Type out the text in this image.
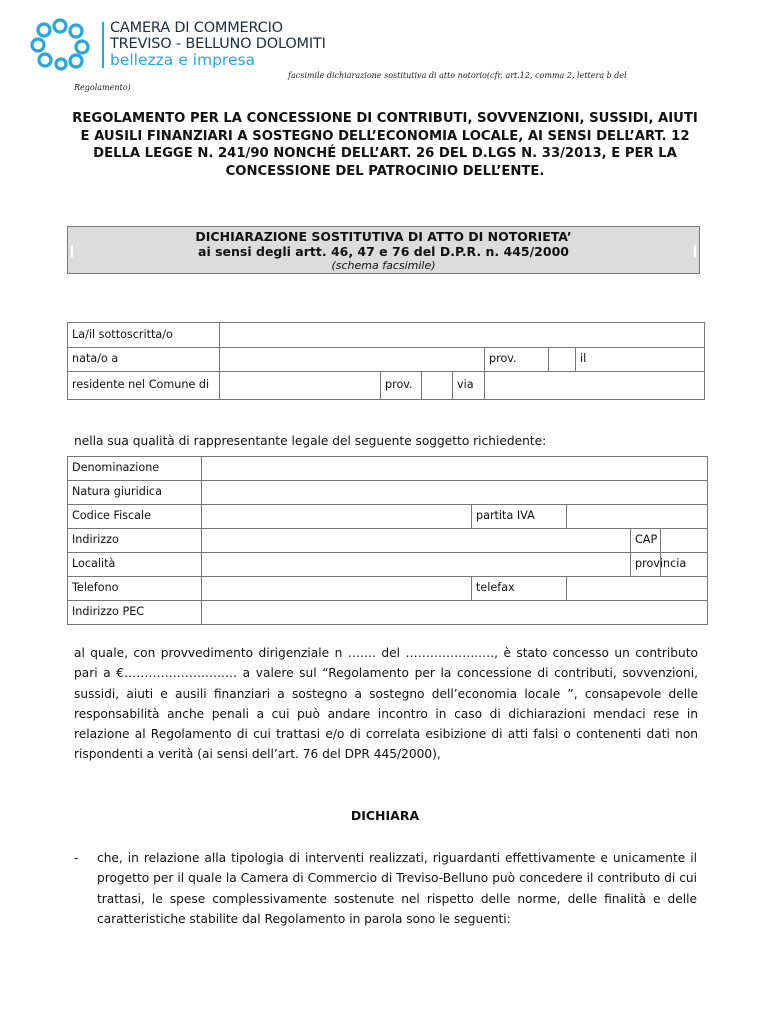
CAMERA DI COMMERCIO
TREVISO - BELLUNO DOLOMITI
bellezza e impresa
facsimile dichiarazione sostitutiva di atto notorio(cfr. art.12, comma 2, lettera b del
Regolamento)
REGOLAMENTO PER LA CONCESSIONE DI CONTRIBUTI, SOVVENZIONI, SUSSIDI, AIUTI E AUSILI FINANZIARI A SOSTEGNO DELL’ECONOMIA LOCALE, AI SENSI DELL’ART. 12 DELLA LEGGE N. 241/90 NONCHÉ DELL’ART. 26 DEL D.LGS N. 33/2013, E PER LA CONCESSIONE DEL PATROCINIO DELL’ENTE.
DICHIARAZIONE SOSTITUTIVA DI ATTO DI NOTORIETA’
ai sensi degli artt. 46, 47 e 76 del D.P.R. n. 445/2000
(schema facsimile)
La/il sottoscritta/o							
nata/o a					prov.		il
residente nel Comune di		prov.		via			
nella sua qualità di rappresentante legale del seguente soggetto richiedente:
Denominazione					
Natura giuridica					
Codice Fiscale		partita IVA			
Indirizzo				CAP	
Località				provincia	
Telefono		telefax			
Indirizzo PEC					
al quale, con provvedimento dirigenziale n ……. del ……….……..…., è stato concesso un contributo pari a €………….…….…..… a valere sul “Regolamento per la concessione di contributi, sovvenzioni, sussidi, aiuti e ausili finanziari a sostegno a sostegno dell’economia locale ”, consapevole delle responsabilità anche penali a cui può andare incontro in caso di dichiarazioni mendaci rese in relazione al Regolamento di cui trattasi e/o di correlata esibizione di atti falsi o contenenti dati non rispondenti a verità (ai sensi dell’art. 76 del DPR 445/2000),
DICHIARA
- che, in relazione alla tipologia di interventi realizzati, riguardanti effettivamente e unicamente il progetto per il quale la Camera di Commercio di Treviso-Belluno può concedere il contributo di cui trattasi, le spese complessivamente sostenute nel rispetto delle norme, delle finalità e delle caratteristiche stabilite dal Regolamento in parola sono le seguenti:
